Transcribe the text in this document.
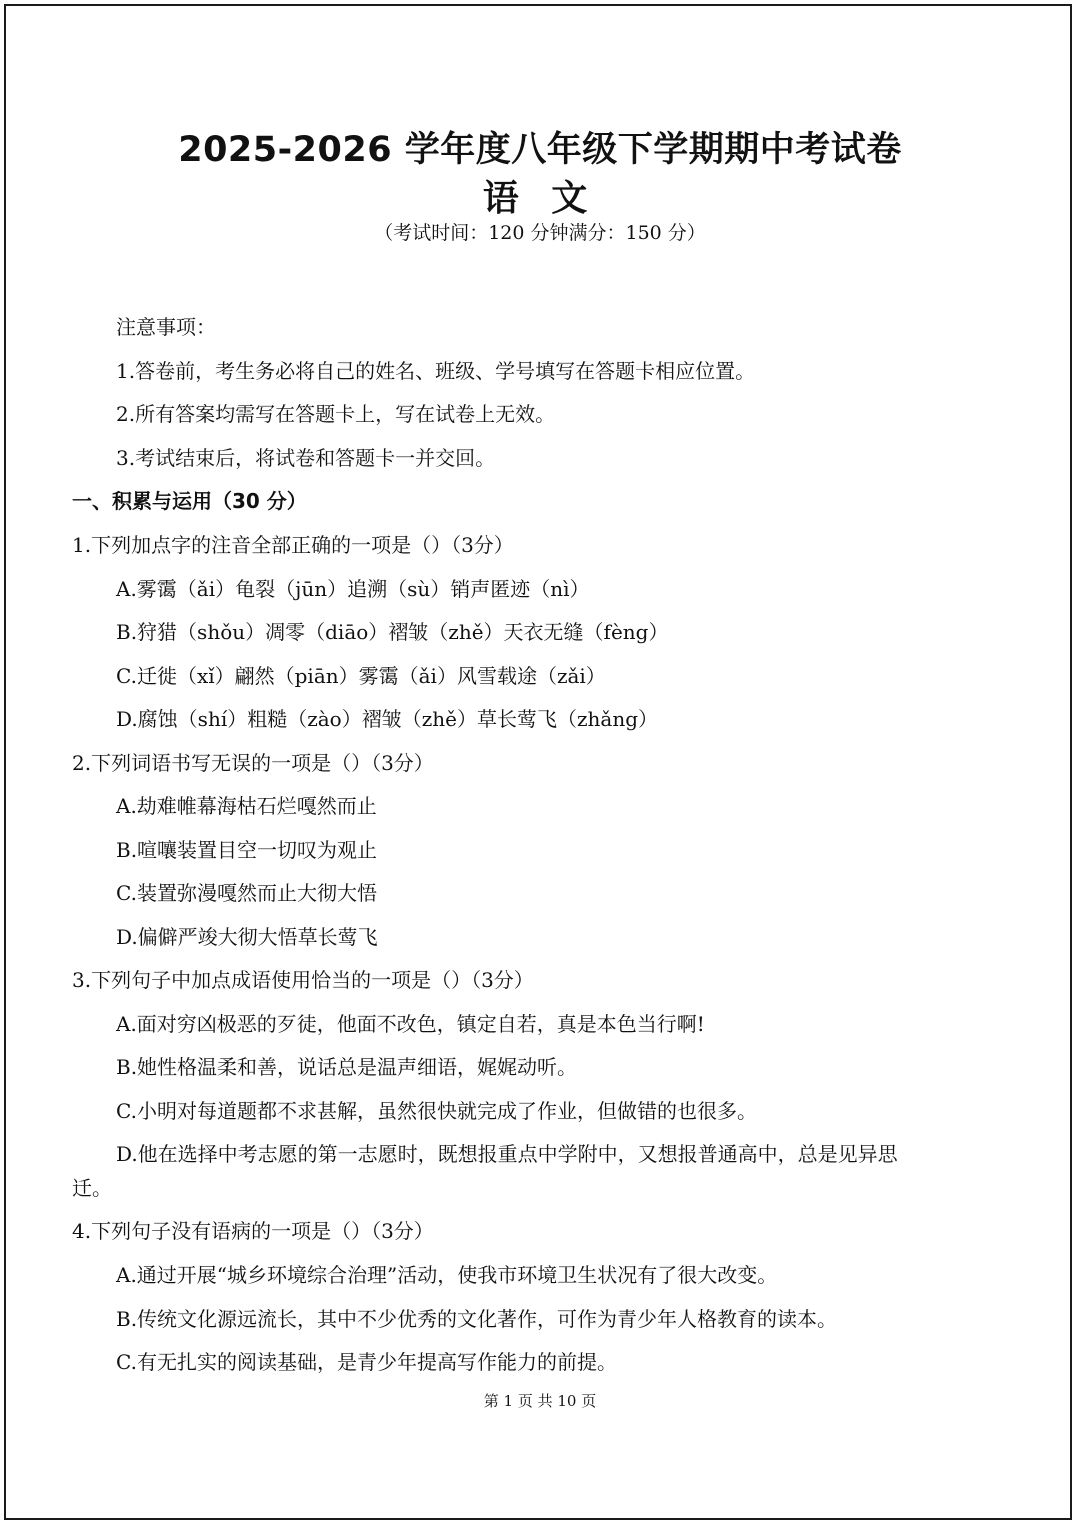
2025-2026 学年度八年级下学期期中考试卷
语 文
（考试时间：120 分钟满分：150 分）
注意事项：
1.答卷前，考生务必将自己的姓名、班级、学号填写在答题卡相应位置。
2.所有答案均需写在答题卡上，写在试卷上无效。
3.考试结束后，将试卷和答题卡一并交回。
一、积累与运用（30 分）
1.下列加点字的注音全部正确的一项是（）（3分）
A.雾霭（ǎi）龟裂（jūn）追溯（sù）销声匿迹（nì）
B.狩猎（shǒu）凋零（diāo）褶皱（zhě）天衣无缝（fèng）
C.迁徙（xǐ）翩然（piān）雾霭（ǎi）风雪载途（zǎi）
D.腐蚀（shí）粗糙（zào）褶皱（zhě）草长莺飞（zhǎng）
2.下列词语书写无误的一项是（）（3分）
A.劫难帷幕海枯石烂嘎然而止
B.喧嚷装置目空一切叹为观止
C.装置弥漫嘎然而止大彻大悟
D.偏僻严竣大彻大悟草长莺飞
3.下列句子中加点成语使用恰当的一项是（）（3分）
A.面对穷凶极恶的歹徒，他面不改色，镇定自若，真是本色当行啊!
B.她性格温柔和善，说话总是温声细语，娓娓动听。
C.小明对每道题都不求甚解，虽然很快就完成了作业，但做错的也很多。
D.他在选择中考志愿的第一志愿时，既想报重点中学附中，又想报普通高中，总是见异思
迁。
4.下列句子没有语病的一项是（）（3分）
A.通过开展“城乡环境综合治理”活动，使我市环境卫生状况有了很大改变。
B.传统文化源远流长，其中不少优秀的文化著作，可作为青少年人格教育的读本。
C.有无扎实的阅读基础，是青少年提高写作能力的前提。
第 1 页 共 10 页
